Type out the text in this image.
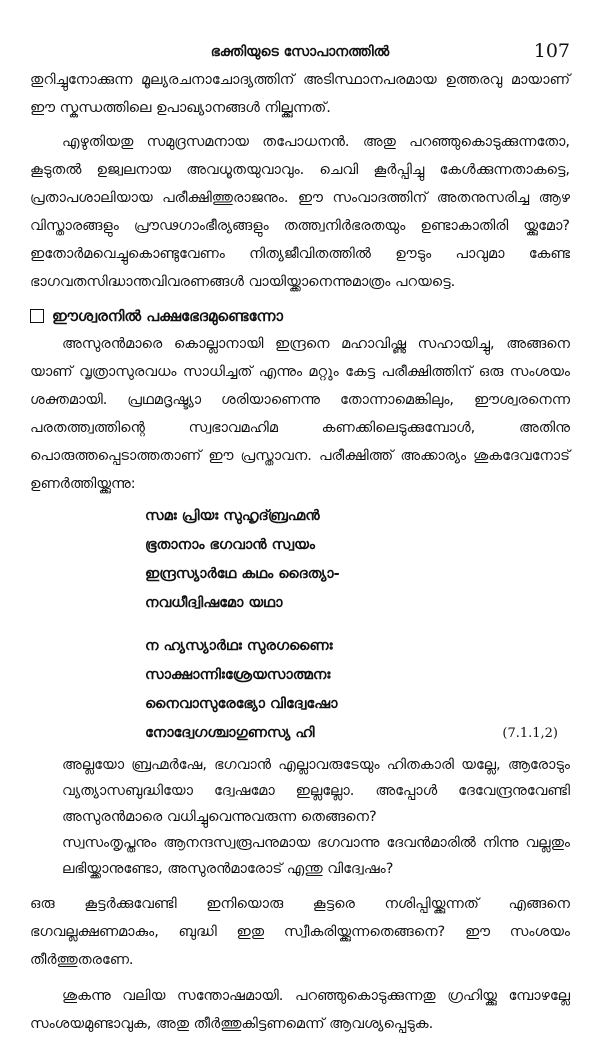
ഭക്തിയുടെ സോപാനത്തിൽ	107

തുറിച്ചുനോക്കുന്ന മൂല്യരചനാചോദ്യത്തിന് അടിസ്ഥാനപരമായ ഉത്തരവു മായാണ് ഈ സ്കന്ധത്തിലെ ഉപാഖ്യാനങ്ങൾ നില്ക്കുന്നത്.

എഴുതിയതു സമുദ്രസമനായ തപോധനൻ. അതു പറഞ്ഞുകൊടുക്കുന്നതോ, കൂടുതൽ ഉജ്വലനായ അവധൂതയുവാവും. ചെവി കൂർപ്പിച്ചു കേൾക്കുന്നതാകട്ടെ, പ്രതാപശാലിയായ പരീക്ഷിത്തുരാജനും. ഈ സംവാദത്തിന് അതനുസരിച്ച ആഴ വിസ്താരങ്ങളും പ്രൗഢഗാംഭീര്യങ്ങളും തത്ത്വനിർഭരതയും ഉണ്ടാകാതിരി യ്ക്കുമോ? ഇതോർമവെച്ചുകൊണ്ടുവേണം നിത്യജീവിതത്തിൽ ഊടും പാവുമാ കേണ്ട ഭാഗവതസിദ്ധാന്തവിവരണങ്ങൾ വായിയ്ക്കാനെന്നുമാത്രം പറയട്ടെ.

ഈശ്വരനിൽ പക്ഷഭേദമുണ്ടെന്നോ

അസുരൻമാരെ കൊല്ലാനായി ഇന്ദ്രനെ മഹാവിഷ്ണു സഹായിച്ചു, അങ്ങനെ യാണ് വൃത്രാസുരവധം സാധിച്ചത് എന്നും മറ്റും കേട്ട പരീക്ഷിത്തിന് ഒരു സംശയം ശക്തമായി. പ്രഥമദൃഷ്ട്യാ ശരിയാണെന്നു തോന്നാമെങ്കിലും, ഈശ്വരനെന്ന പരതത്ത്വത്തിന്റെ സ്വഭാവമഹിമ കണക്കിലെടുക്കുമ്പോൾ, അതിനു പൊരുത്തപ്പെടാത്തതാണ് ഈ പ്രസ്താവന. പരീക്ഷിത്ത് അക്കാര്യം ശുകദേവനോട് ഉണർത്തിയ്ക്കുന്നു:

സമഃ പ്രിയഃ സുഹൃദ്ബ്രഹ്മൻ
ഭൂതാനാം ഭഗവാൻ സ്വയം
ഇന്ദ്രസ്യാർഥേ കഥം ദൈത്യാ-
നവധീദ്വിഷമോ യഥാ
ന ഹ്യസ്യാർഥഃ സുരഗണൈഃ
സാക്ഷാന്നിഃശ്രേയസാത്മനഃ
നൈവാസുരേഭ്യോ വിദ്വേഷോ
നോദ്വേഗശ്ചാഗുണസ്യ ഹി	(7.1.1,2)

അല്ലയോ ബ്രഹ്മർഷേ, ഭഗവാൻ എല്ലാവരുടേയും ഹിതകാരി യല്ലേ, ആരോടും വ്യത്യാസബുദ്ധിയോ ദ്വേഷമോ ഇല്ലല്ലോ. അപ്പോൾ ദേവേന്ദ്രനുവേണ്ടി അസുരൻമാരെ വധിച്ചുവെന്നുവരുന്ന തെങ്ങനെ?

സ്വസംതൃപ്തനും ആനന്ദസ്വരൂപനുമായ ഭഗവാന്നു ദേവൻമാരിൽ നിന്നു വല്ലതും ലഭിയ്ക്കാനുണ്ടോ, അസുരൻമാരോട് എന്തു വിദ്വേഷം?

ഒരു കൂട്ടർക്കുവേണ്ടി ഇനിയൊരു കൂട്ടരെ നശിപ്പിയ്ക്കുന്നത് എങ്ങനെ ഭഗവല്ലക്ഷണമാകും, ബുദ്ധി ഇതു സ്വീകരിയ്ക്കുന്നതെങ്ങനെ? ഈ സംശയം തീർത്തുതരണേ.

ശുകന്നു വലിയ സന്തോഷമായി. പറഞ്ഞുകൊടുക്കുന്നതു ഗ്രഹിയ്ക്കു മ്പോഴല്ലേ സംശയമുണ്ടാവുക, അതു തീർത്തുകിട്ടണമെന്ന് ആവശ്യപ്പെടുക.
